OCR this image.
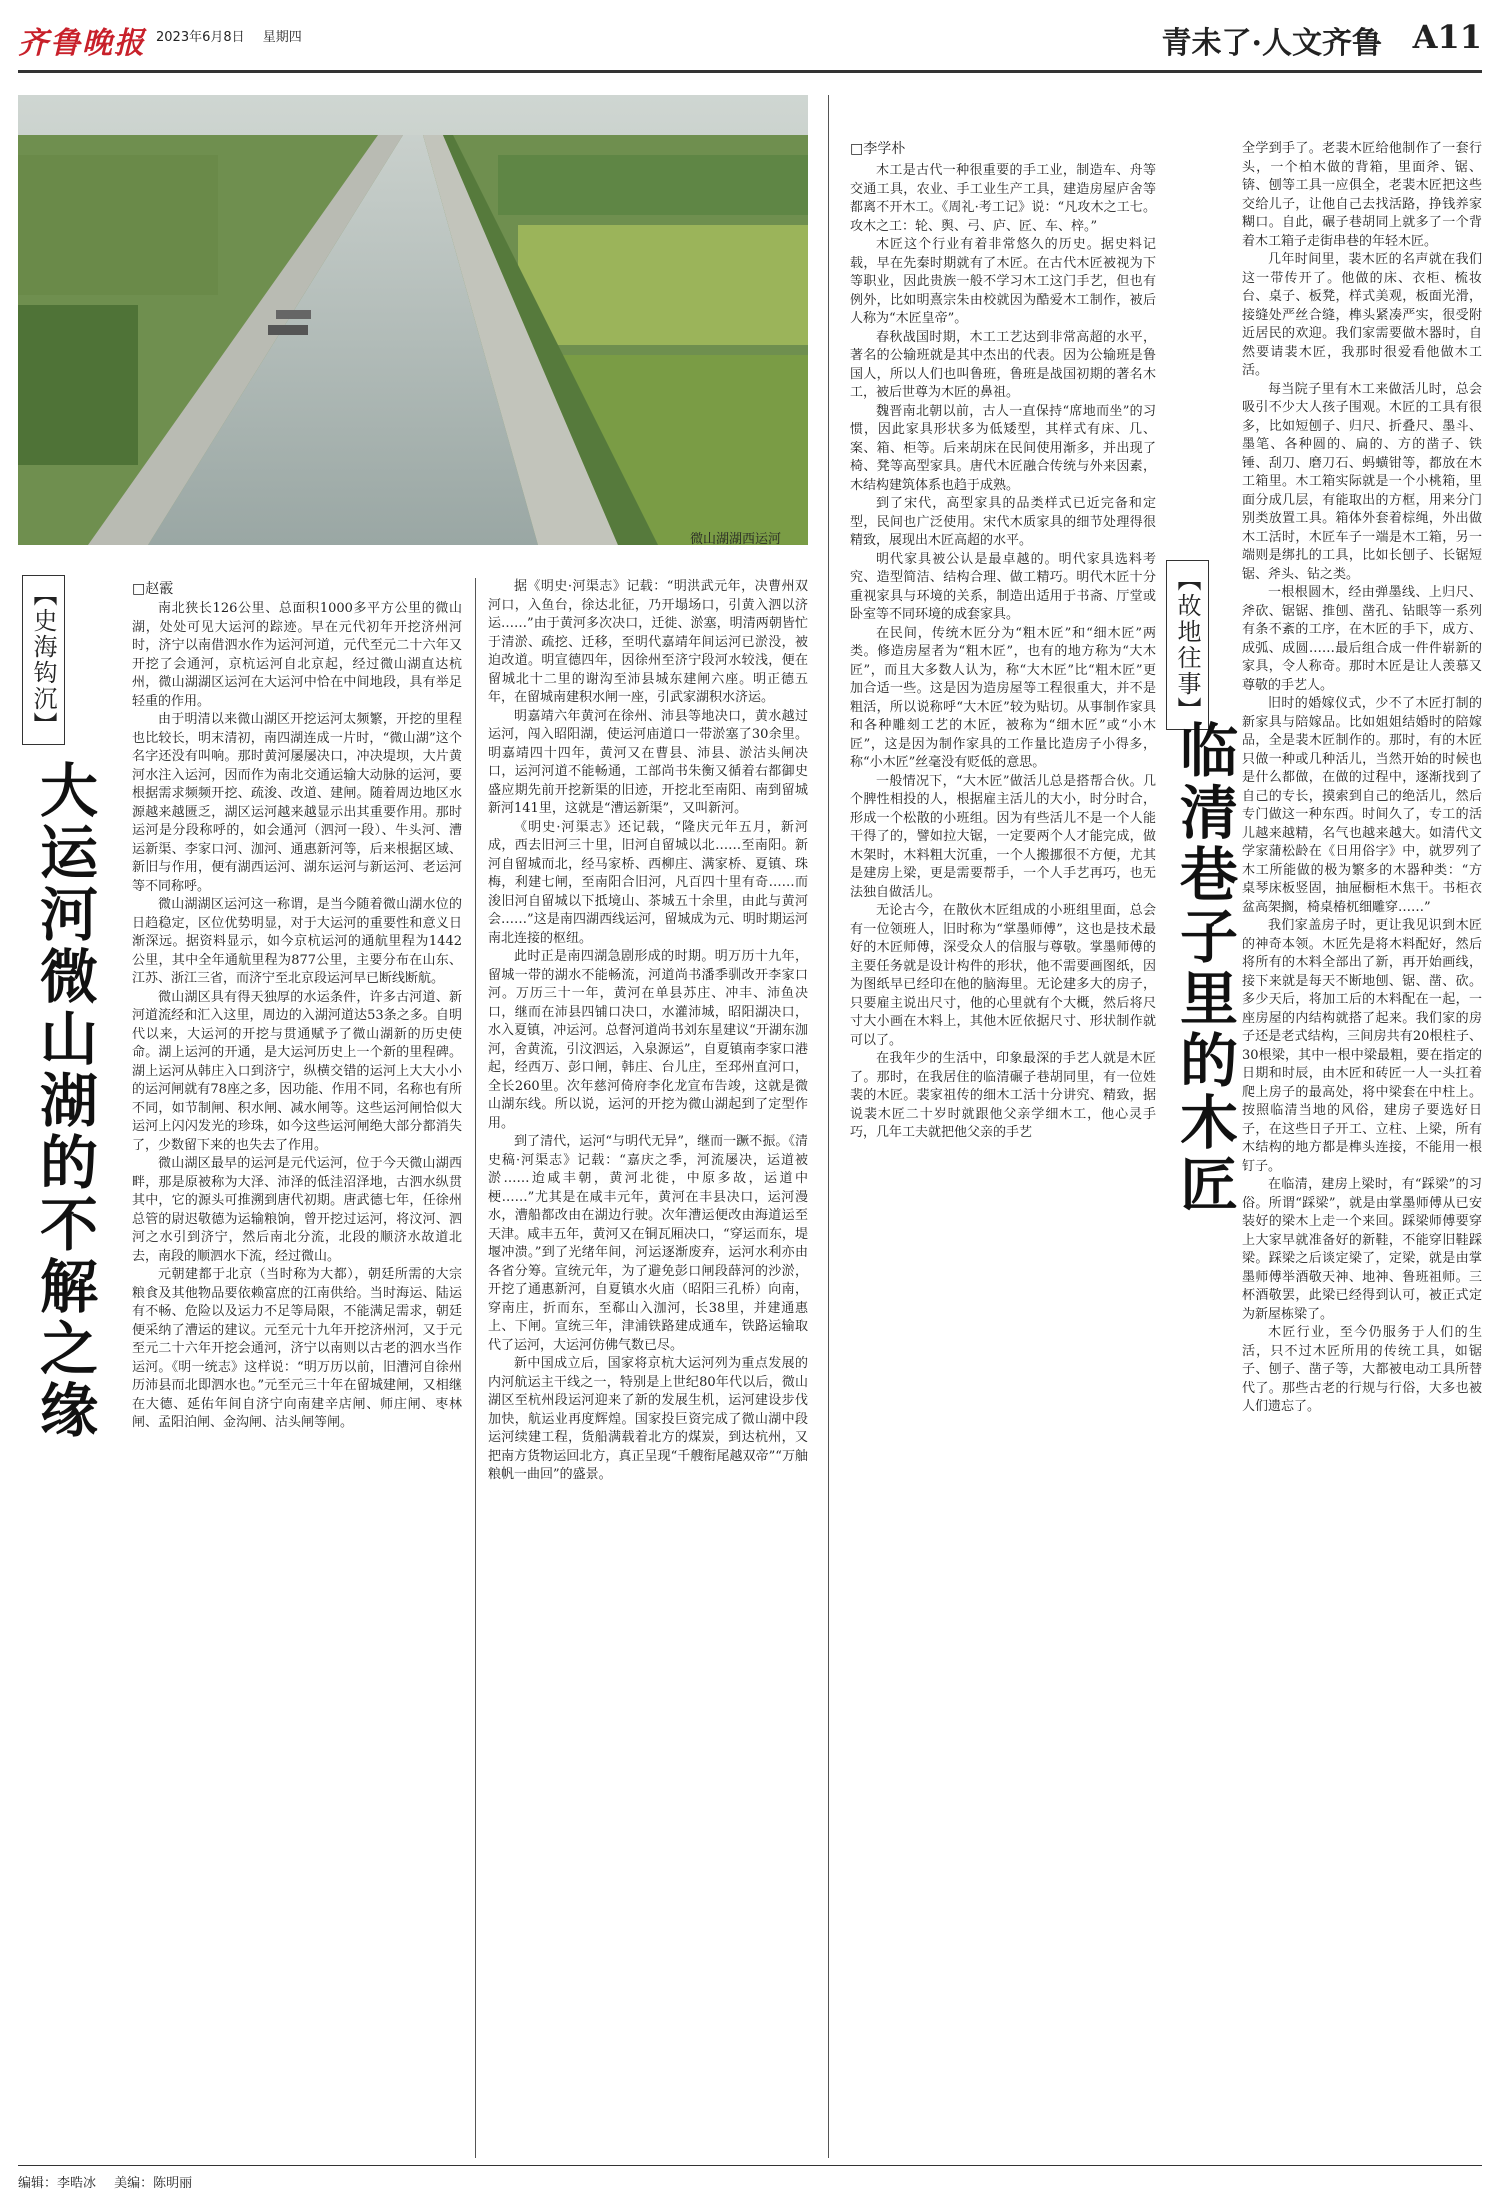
齐鲁晚报 2023年6月8日 星期四	青未了·人文齐鲁 A11
微山湖湖西运河
【史海钩沉】
大运河微山湖的不解之缘
□赵霰

南北狭长126公里、总面积1000多平方公里的微山湖，处处可见大运河的踪迹。早在元代初年开挖济州河时，济宁以南借泗水作为运河河道，元代至元二十六年又开挖了会通河，京杭运河自北京起，经过微山湖直达杭州，微山湖湖区运河在大运河中恰在中间地段，具有举足轻重的作用。

由于明清以来微山湖区开挖运河太频繁，开挖的里程也比较长，明末清初，南四湖连成一片时，“微山湖”这个名字还没有叫响。那时黄河屡屡决口，冲决堤坝，大片黄河水注入运河，因而作为南北交通运输大动脉的运河，要根据需求频频开挖、疏浚、改道、建闸。随着周边地区水源越来越匮乏，湖区运河越来越显示出其重要作用。那时运河是分段称呼的，如会通河（泗河一段）、牛头河、漕运新渠、李家口河、泇河、通惠新河等，后来根据区域、新旧与作用，便有湖西运河、湖东运河与新运河、老运河等不同称呼。

微山湖湖区运河这一称谓，是当今随着微山湖水位的日趋稳定，区位优势明显，对于大运河的重要性和意义日渐深远。据资料显示，如今京杭运河的通航里程为1442公里，其中全年通航里程为877公里，主要分布在山东、江苏、浙江三省，而济宁至北京段运河早已断线断航。

微山湖区具有得天独厚的水运条件，许多古河道、新河道流经和汇入这里，周边的入湖河道达53条之多。自明代以来，大运河的开挖与贯通赋予了微山湖新的历史使命。湖上运河的开通，是大运河历史上一个新的里程碑。湖上运河从韩庄入口到济宁，纵横交错的运河上大大小小的运河闸就有78座之多，因功能、作用不同，名称也有所不同，如节制闸、积水闸、减水闸等。这些运河闸恰似大运河上闪闪发光的珍珠，如今这些运河闸绝大部分都消失了，少数留下来的也失去了作用。

微山湖区最早的运河是元代运河，位于今天微山湖西畔，那是原被称为大泽、沛泽的低洼沼泽地，古泗水纵贯其中，它的源头可推溯到唐代初期。唐武德七年，任徐州总管的尉迟敬德为运输粮饷，曾开挖过运河，将汶河、泗河之水引到济宁，然后南北分流，北段的顺济水故道北去，南段的顺泗水下流，经过微山。

元朝建都于北京（当时称为大都），朝廷所需的大宗粮食及其他物品要依赖富庶的江南供给。当时海运、陆运有不畅、危险以及运力不足等局限，不能满足需求，朝廷便采纳了漕运的建议。元至元十九年开挖济州河，又于元至元二十六年开挖会通河，济宁以南则以古老的泗水当作运河。《明一统志》这样说：“明万历以前，旧漕河自徐州历沛县而北即泗水也。”元至元三十年在留城建闸，又相继在大德、延佑年间自济宁向南建辛店闸、师庄闸、枣林闸、孟阳泊闸、金沟闸、沽头闸等闸。

据《明史·河渠志》记载：“明洪武元年，决曹州双河口，入鱼台，徐达北征，乃开塌场口，引黄入泗以济运……”由于黄河多次决口，迁徙、淤塞，明清两朝皆忙于清淤、疏挖、迁移，至明代嘉靖年间运河已淤没，被迫改道。明宣德四年，因徐州至济宁段河水较浅，便在留城北十二里的谢沟至沛县城东建闸六座。明正德五年，在留城南建积水闸一座，引武家湖积水济运。

明嘉靖六年黄河在徐州、沛县等地决口，黄水越过运河，闯入昭阳湖，使运河庙道口一带淤塞了30余里。明嘉靖四十四年，黄河又在曹县、沛县、淤沽头闸决口，运河河道不能畅通，工部尚书朱衡又循着右都御史盛应期先前开挖新渠的旧迹，开挖北至南阳、南到留城新河141里，这就是“漕运新渠”，又叫新河。

《明史·河渠志》还记载，“隆庆元年五月，新河成，西去旧河三十里，旧河自留城以北……至南阳。新河自留城而北，经马家桥、西柳庄、满家桥、夏镇、珠梅，利建七闸，至南阳合旧河，凡百四十里有奇……而浚旧河自留城以下抵境山、茶城五十余里，由此与黄河会……”这是南四湖西线运河，留城成为元、明时期运河南北连接的枢纽。

此时正是南四湖急剧形成的时期。明万历十九年，留城一带的湖水不能畅流，河道尚书潘季驯改开李家口河。万历三十一年，黄河在单县苏庄、冲丰、沛鱼决口，继而在沛县四铺口决口，水灌沛城，昭阳湖决口，水入夏镇，冲运河。总督河道尚书刘东星建议“开湖东泇河，舍黄流，引汶泗运，入泉源运”，自夏镇南李家口港起，经西万、彭口闸，韩庄、台儿庄，至邳州直河口，全长260里。次年慈河倚府李化龙宣布告竣，这就是微山湖东线。所以说，运河的开挖为微山湖起到了定型作用。

到了清代，运河“与明代无异”，继而一蹶不振。《清史稿·河渠志》记载：“嘉庆之季，河流屡决，运道被淤……迨咸丰朝，黄河北徙，中原多故，运道中梗……”尤其是在咸丰元年，黄河在丰县决口，运河漫水，漕船都改由在湖边行驶。次年漕运便改由海道运至天津。咸丰五年，黄河又在铜瓦厢决口，“穿运而东，堤堰冲溃。”到了光绪年间，河运逐渐废弃，运河水利亦由各省分筹。宣统元年，为了避免彭口闸段薛河的沙淤，开挖了通惠新河，自夏镇水火庙（昭阳三孔桥）向南，穿南庄，折而东，至郗山入泇河，长38里，并建通惠上、下闸。宣统三年，津浦铁路建成通车，铁路运输取代了运河，大运河仿佛气数已尽。

新中国成立后，国家将京杭大运河列为重点发展的内河航运主干线之一，特别是上世纪80年代以后，微山湖区至杭州段运河迎来了新的发展生机，运河建设步伐加快，航运业再度辉煌。国家投巨资完成了微山湖中段运河续建工程，货船满载着北方的煤炭，到达杭州，又把南方货物运回北方，真正呈现“千艘衔尾越双帝”“万舳粮帆一曲回”的盛景。

□李学朴

木工是古代一种很重要的手工业，制造车、舟等交通工具，农业、手工业生产工具，建造房屋庐舍等都离不开木工。《周礼·考工记》说：“凡攻木之工七。攻木之工：轮、舆、弓、庐、匠、车、梓。”

木匠这个行业有着非常悠久的历史。据史料记载，早在先秦时期就有了木匠。在古代木匠被视为下等职业，因此贵族一般不学习木工这门手艺，但也有例外，比如明熹宗朱由校就因为酷爱木工制作，被后人称为“木匠皇帝”。

春秋战国时期，木工工艺达到非常高超的水平，著名的公输班就是其中杰出的代表。因为公输班是鲁国人，所以人们也叫鲁班，鲁班是战国初期的著名木工，被后世尊为木匠的鼻祖。

魏晋南北朝以前，古人一直保持“席地而坐”的习惯，因此家具形状多为低矮型，其样式有床、几、案、箱、柜等。后来胡床在民间使用渐多，并出现了椅、凳等高型家具。唐代木匠融合传统与外来因素，木结构建筑体系也趋于成熟。

到了宋代，高型家具的品类样式已近完备和定型，民间也广泛使用。宋代木质家具的细节处理得很精致，展现出木匠高超的水平。

明代家具被公认是最卓越的。明代家具选料考究、造型简洁、结构合理、做工精巧。明代木匠十分重视家具与环境的关系，制造出适用于书斋、厅堂或卧室等不同环境的成套家具。

在民间，传统木匠分为“粗木匠”和“细木匠”两类。修造房屋者为“粗木匠”，也有的地方称为“大木匠”，而且大多数人认为，称“大木匠”比“粗木匠”更加合适一些。这是因为造房屋等工程很重大，并不是粗活，所以说称呼“大木匠”较为贴切。从事制作家具和各种雕刻工艺的木匠，被称为“细木匠”或“小木匠”，这是因为制作家具的工作量比造房子小得多，称“小木匠”丝毫没有贬低的意思。

一般情况下，“大木匠”做活儿总是搭帮合伙。几个脾性相投的人，根据雇主活儿的大小，时分时合，形成一个松散的小班组。因为有些活儿不是一个人能干得了的，譬如拉大锯，一定要两个人才能完成，做木架时，木料粗大沉重，一个人搬挪很不方便，尤其是建房上梁，更是需要帮手，一个人手艺再巧，也无法独自做活儿。

无论古今，在散伙木匠组成的小班组里面，总会有一位领班人，旧时称为“掌墨师傅”，这也是技术最好的木匠师傅，深受众人的信服与尊敬。掌墨师傅的主要任务就是设计构件的形状，他不需要画图纸，因为图纸早已经印在他的脑海里。无论建多大的房子，只要雇主说出尺寸，他的心里就有个大概，然后将尺寸大小画在木料上，其他木匠依据尺寸、形状制作就可以了。

在我年少的生活中，印象最深的手艺人就是木匠了。那时，在我居住的临清碾子巷胡同里，有一位姓裴的木匠。裴家祖传的细木工活十分讲究、精致，据说裴木匠二十岁时就跟他父亲学细木工，他心灵手巧，几年工夫就把他父亲的手艺

【故地往事】
临清巷子里的木匠

全学到手了。老裴木匠给他制作了一套行头，一个柏木做的背箱，里面斧、锯、锛、刨等工具一应俱全，老裴木匠把这些交给儿子，让他自己去找活路，挣钱养家糊口。自此，碾子巷胡同上就多了一个背着木工箱子走街串巷的年轻木匠。

几年时间里，裴木匠的名声就在我们这一带传开了。他做的床、衣柜、梳妆台、桌子、板凳，样式美观，板面光滑，接缝处严丝合缝，榫头紧凑严实，很受附近居民的欢迎。我们家需要做木器时，自然要请裴木匠，我那时很爱看他做木工活。

每当院子里有木工来做活儿时，总会吸引不少大人孩子围观。木匠的工具有很多，比如短刨子、归尺、折叠尺、墨斗、墨笔、各种圆的、扁的、方的凿子、铁锤、刮刀、磨刀石、蚂蟥钳等，都放在木工箱里。木工箱实际就是一个小桃箱，里面分成几层，有能取出的方框，用来分门别类放置工具。箱体外套着棕绳，外出做木工活时，木匠车子一端是木工箱，另一端则是绑扎的工具，比如长刨子、长锯短锯、斧头、钻之类。

一根根圆木，经由弹墨线、上归尺、斧砍、锯锯、推刨、凿孔、钻眼等一系列有条不紊的工序，在木匠的手下，成方、成弧、成圆……最后组合成一件件崭新的家具，令人称奇。那时木匠是让人羡慕又尊敬的手艺人。

旧时的婚嫁仪式，少不了木匠打制的新家具与陪嫁品。比如姐姐结婚时的陪嫁品，全是裴木匠制作的。那时，有的木匠只做一种或几种活儿，当然开始的时候也是什么都做，在做的过程中，逐渐找到了自己的专长，摸索到自己的绝活儿，然后专门做这一种东西。时间久了，专工的活儿越来越精，名气也越来越大。如清代文学家蒲松龄在《日用俗字》中，就罗列了木工所能做的极为繁多的木器种类：“方桌琴床板竖固，抽屉橱柜木焦干。书柜衣盆高架搁，椅桌椿杌细雕穿……”

我们家盖房子时，更让我见识到木匠的神奇本领。木匠先是将木料配好，然后将所有的木料全部出了新，再开始画线，接下来就是每天不断地刨、锯、凿、砍。多少天后，将加工后的木料配在一起，一座房屋的内结构就搭了起来。我们家的房子还是老式结构，三间房共有20根柱子、30根梁，其中一根中梁最粗，要在指定的日期和时辰，由木匠和砖匠一人一头扛着爬上房子的最高处，将中梁套在中柱上。按照临清当地的风俗，建房子要选好日子，在这些日子开工、立柱、上梁，所有木结构的地方都是榫头连接，不能用一根钉子。

在临清，建房上梁时，有“踩梁”的习俗。所谓“踩梁”，就是由掌墨师傅从已安装好的梁木上走一个来回。踩梁师傅要穿上大家早就准备好的新鞋，不能穿旧鞋踩梁。踩梁之后谈定梁了，定梁，就是由掌墨师傅举酒敬天神、地神、鲁班祖师。三杯酒敬罢，此梁已经得到认可，被正式定为新屋栋梁了。

木匠行业，至今仍服务于人们的生活，只不过木匠所用的传统工具，如锯子、刨子、凿子等，大都被电动工具所替代了。那些古老的行规与行俗，大多也被人们遗忘了。

编辑：李晧冰 美编：陈明丽
